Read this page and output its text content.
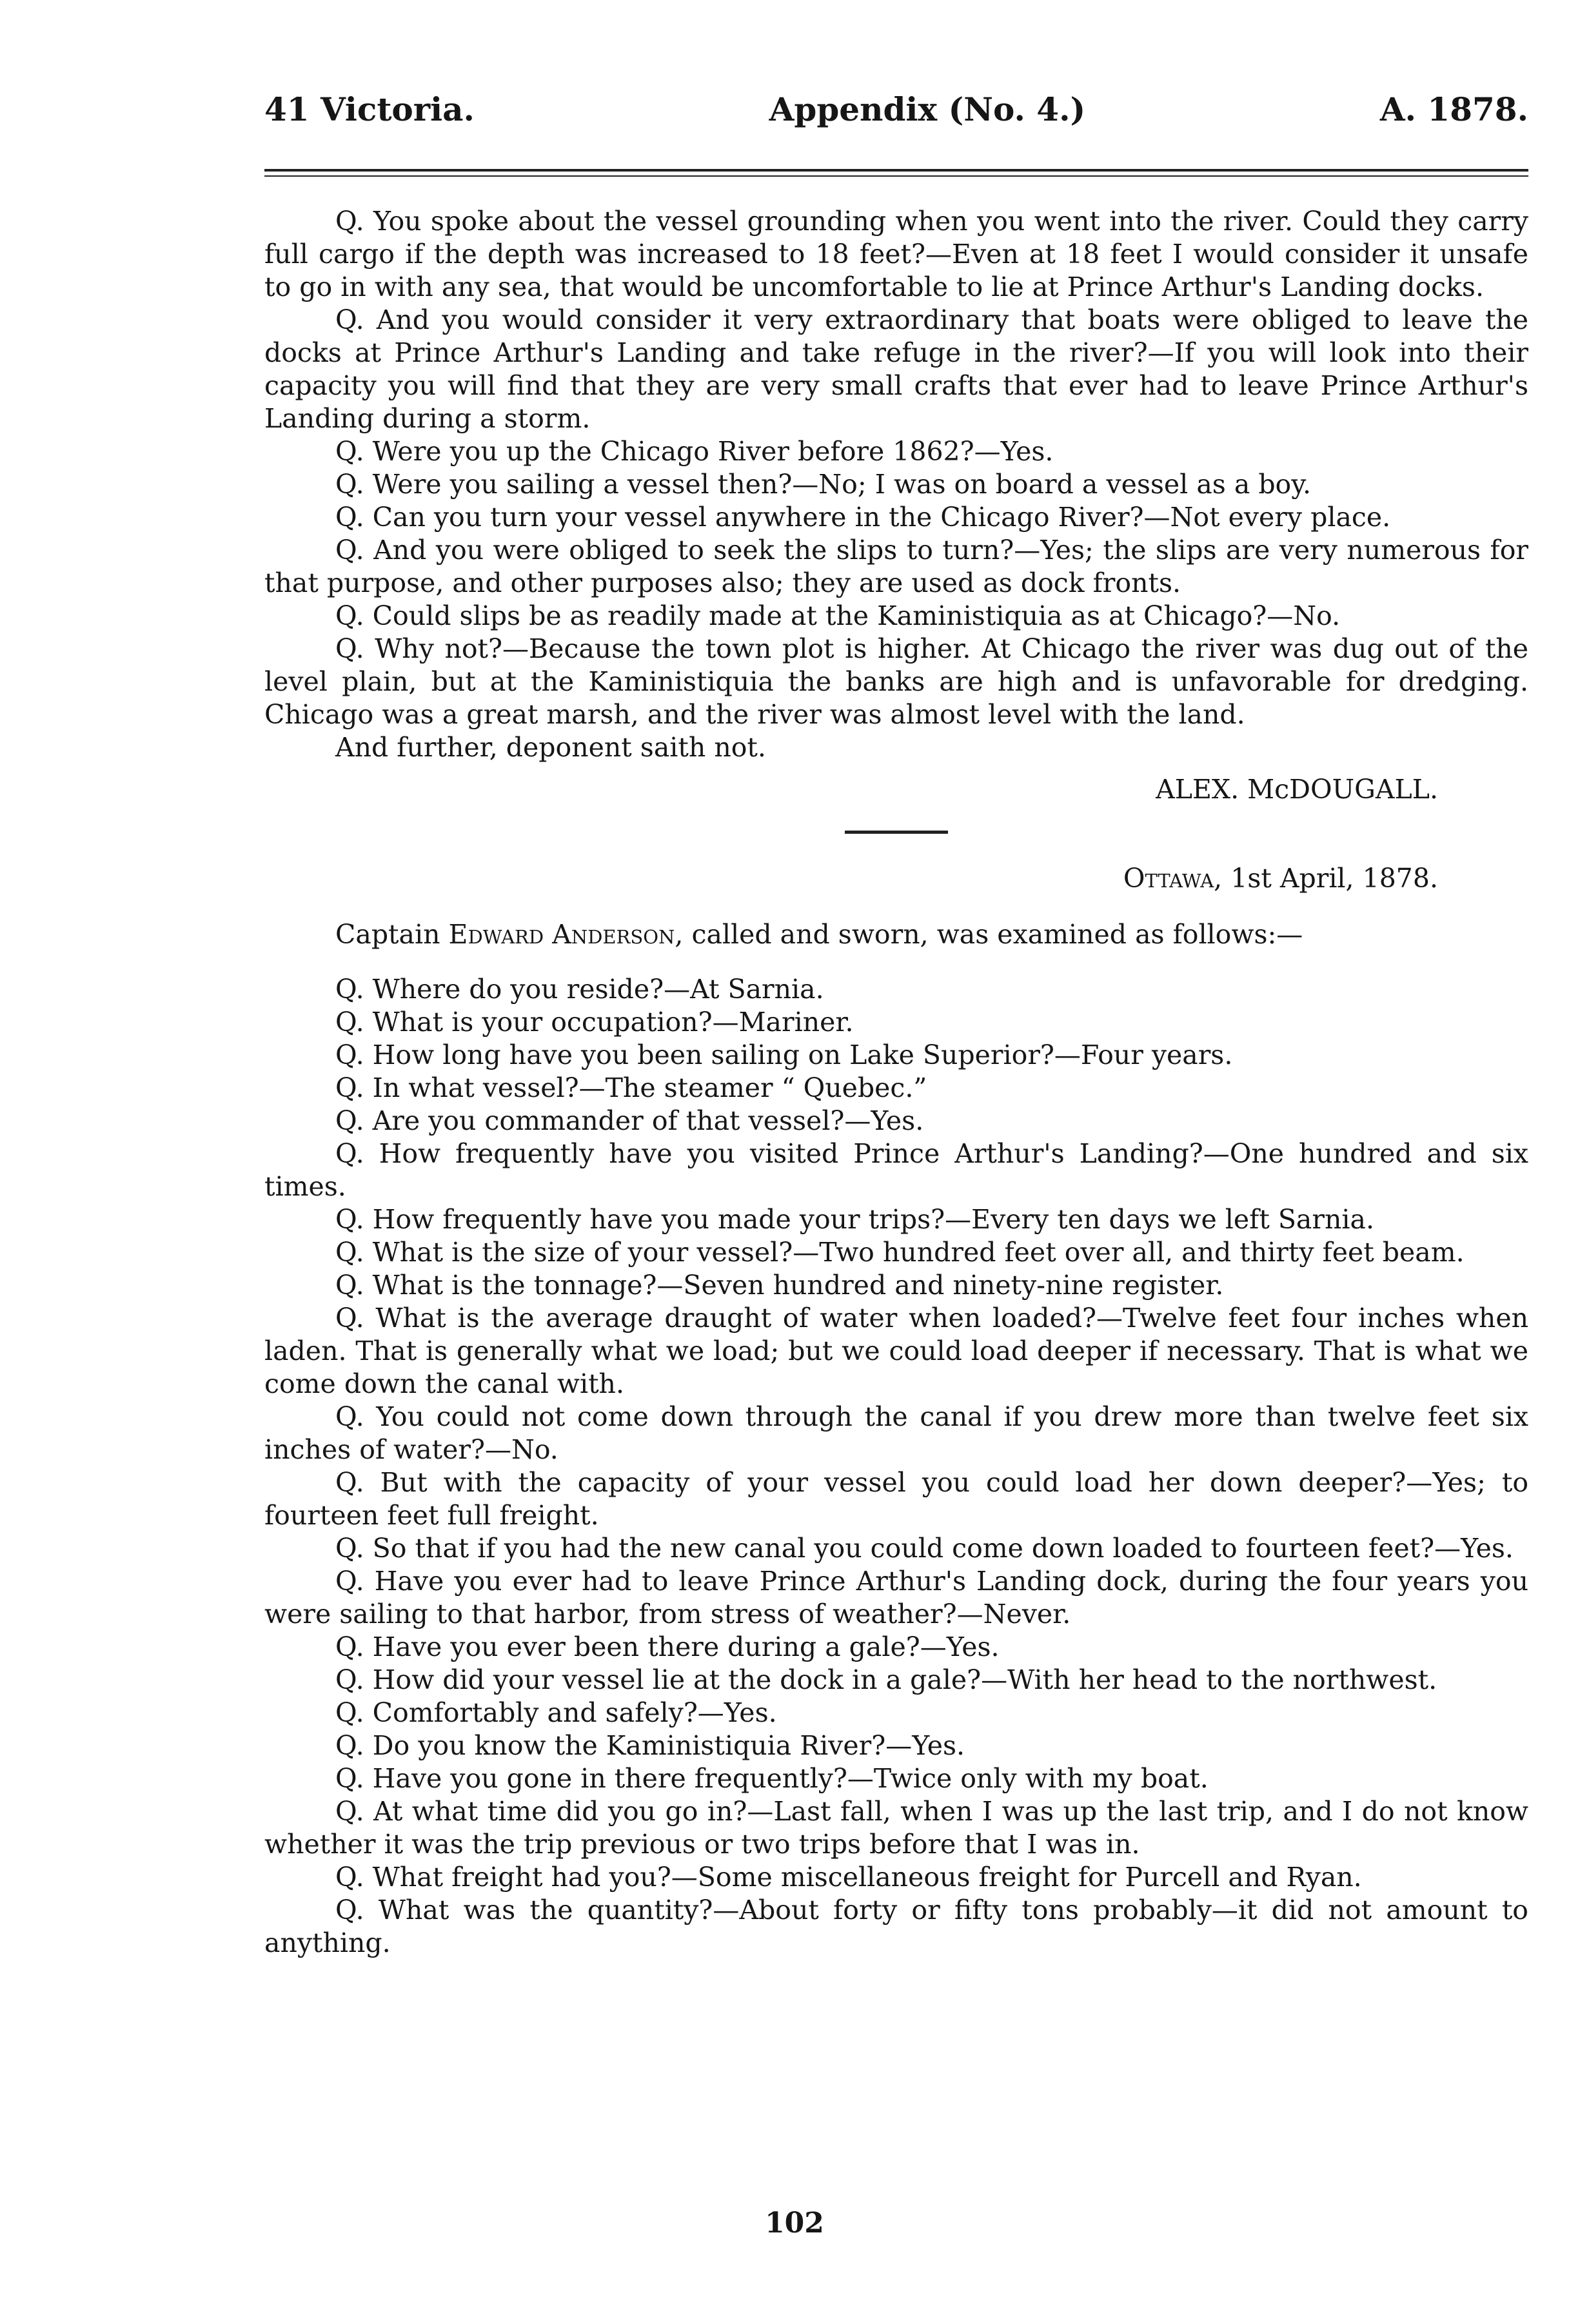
41 Victoria.	Appendix (No. 4.)	A. 1878.

Q. You spoke about the vessel grounding when you went into the river. Could they carry full cargo if the depth was increased to 18 feet?—Even at 18 feet I would consider it unsafe to go in with any sea, that would be uncomfortable to lie at Prince Arthur's Landing docks.

Q. And you would consider it very extraordinary that boats were obliged to leave the docks at Prince Arthur's Landing and take refuge in the river?—If you will look into their capacity you will find that they are very small crafts that ever had to leave Prince Arthur's Landing during a storm.

Q. Were you up the Chicago River before 1862?—Yes.

Q. Were you sailing a vessel then?—No; I was on board a vessel as a boy.

Q. Can you turn your vessel anywhere in the Chicago River?—Not every place.

Q. And you were obliged to seek the slips to turn?—Yes; the slips are very numerous for that purpose, and other purposes also; they are used as dock fronts.

Q. Could slips be as readily made at the Kaministiquia as at Chicago?—No.

Q. Why not?—Because the town plot is higher. At Chicago the river was dug out of the level plain, but at the Kaministiquia the banks are high and is unfavorable for dredging. Chicago was a great marsh, and the river was almost level with the land.

And further, deponent saith not.

ALEX. McDOUGALL.

Ottawa, 1st April, 1878.

Captain Edward Anderson, called and sworn, was examined as follows:—

Q. Where do you reside?—At Sarnia.

Q. What is your occupation?—Mariner.

Q. How long have you been sailing on Lake Superior?—Four years.

Q. In what vessel?—The steamer “ Quebec.”

Q. Are you commander of that vessel?—Yes.

Q. How frequently have you visited Prince Arthur's Landing?—One hundred and six times.

Q. How frequently have you made your trips?—Every ten days we left Sarnia.

Q. What is the size of your vessel?—Two hundred feet over all, and thirty feet beam.

Q. What is the tonnage?—Seven hundred and ninety-nine register.

Q. What is the average draught of water when loaded?—Twelve feet four inches when laden. That is generally what we load; but we could load deeper if necessary. That is what we come down the canal with.

Q. You could not come down through the canal if you drew more than twelve feet six inches of water?—No.

Q. But with the capacity of your vessel you could load her down deeper?—Yes; to fourteen feet full freight.

Q. So that if you had the new canal you could come down loaded to fourteen feet?—Yes.

Q. Have you ever had to leave Prince Arthur's Landing dock, during the four years you were sailing to that harbor, from stress of weather?—Never.

Q. Have you ever been there during a gale?—Yes.

Q. How did your vessel lie at the dock in a gale?—With her head to the northwest.

Q. Comfortably and safely?—Yes.

Q. Do you know the Kaministiquia River?—Yes.

Q. Have you gone in there frequently?—Twice only with my boat.

Q. At what time did you go in?—Last fall, when I was up the last trip, and I do not know whether it was the trip previous or two trips before that I was in.

Q. What freight had you?—Some miscellaneous freight for Purcell and Ryan.

Q. What was the quantity?—About forty or fifty tons probably—it did not amount to anything.

102
